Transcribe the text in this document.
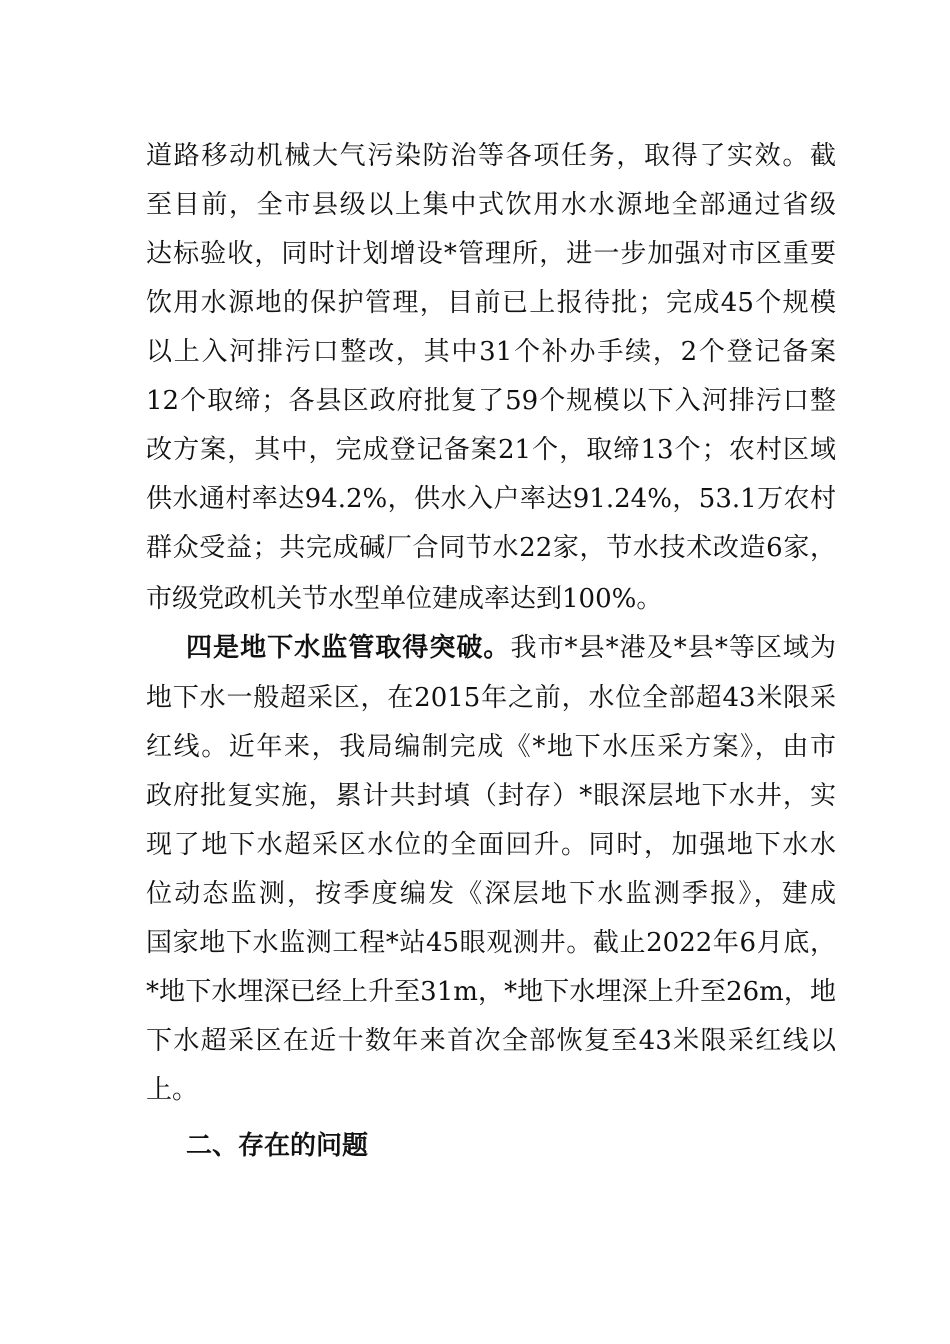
道路移动机械大气污染防治等各项任务，取得了实效。截
至目前，全市县级以上集中式饮用水水源地全部通过省级
达标验收，同时计划增设*管理所，进一步加强对市区重要
饮用水源地的保护管理，目前已上报待批；完成45个规模
以上入河排污口整改，其中31个补办手续，2个登记备案
12个取缔；各县区政府批复了59个规模以下入河排污口整
改方案，其中，完成登记备案21个，取缔13个；农村区域
供水通村率达94.2%，供水入户率达91.24%，53.1万农村
群众受益；共完成碱厂合同节水22家，节水技术改造6家，
市级党政机关节水型单位建成率达到100%。
四是地下水监管取得突破。我市*县*港及*县*等区域为
地下水一般超采区，在2015年之前，水位全部超43米限采
红线。近年来，我局编制完成《*地下水压采方案》，由市
政府批复实施，累计共封填（封存）*眼深层地下水井，实
现了地下水超采区水位的全面回升。同时，加强地下水水
位动态监测，按季度编发《深层地下水监测季报》，建成
国家地下水监测工程*站45眼观测井。截止2022年6月底，
*地下水埋深已经上升至31m，*地下水埋深上升至26m，地
下水超采区在近十数年来首次全部恢复至43米限采红线以
上。
二、存在的问题
